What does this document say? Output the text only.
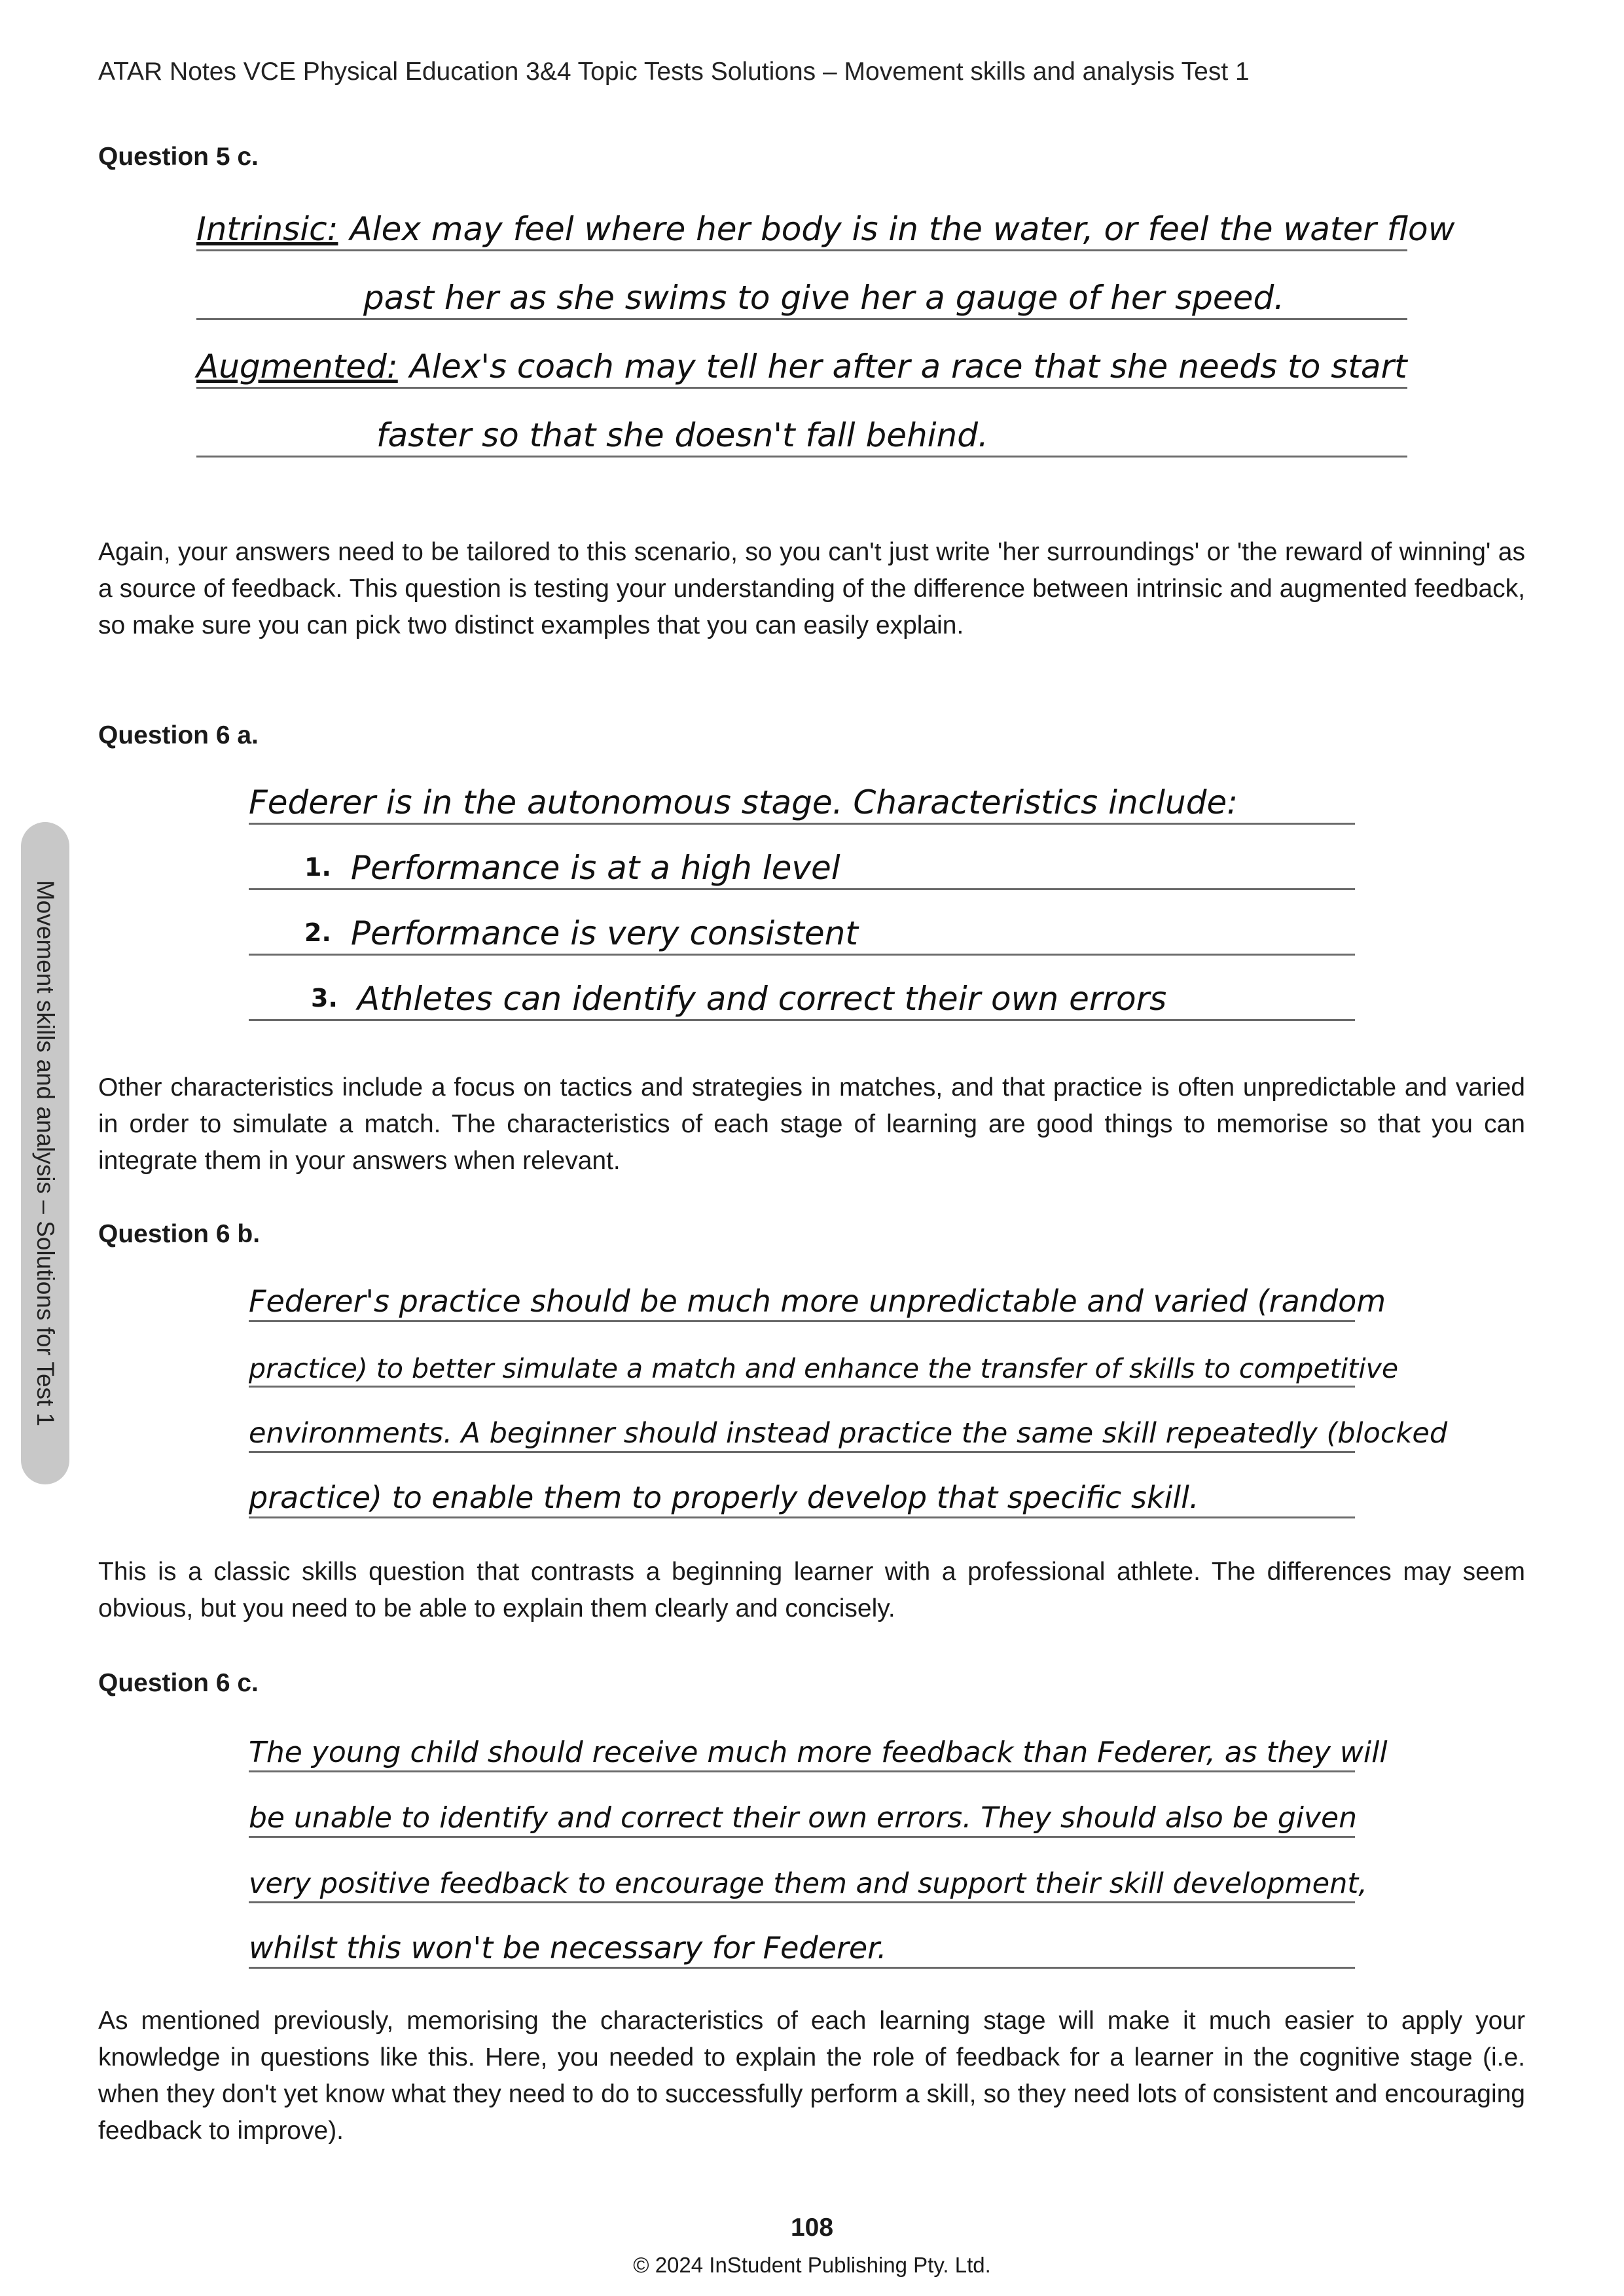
ATAR Notes VCE Physical Education 3&4 Topic Tests Solutions – Movement skills and analysis Test 1
Movement skills and analysis – Solutions for Test 1
Question 5 c.
Intrinsic: Alex may feel where her body is in the water, or feel the water flow
past her as she swims to give her a gauge of her speed.
Augmented: Alex's coach may tell her after a race that she needs to start
faster so that she doesn't fall behind.
Again, your answers need to be tailored to this scenario, so you can't just write 'her surroundings' or 'the reward of winning' as a source of feedback. This question is testing your understanding of the difference between intrinsic and augmented feedback, so make sure you can pick two distinct examples that you can easily explain.
Question 6 a.
Federer is in the autonomous stage. Characteristics include:
1. Performance is at a high level
2. Performance is very consistent
3. Athletes can identify and correct their own errors
Other characteristics include a focus on tactics and strategies in matches, and that practice is often unpredictable and varied in order to simulate a match. The characteristics of each stage of learning are good things to memorise so that you can integrate them in your answers when relevant.
Question 6 b.
Federer's practice should be much more unpredictable and varied (random
practice) to better simulate a match and enhance the transfer of skills to competitive
environments. A beginner should instead practice the same skill repeatedly (blocked
practice) to enable them to properly develop that specific skill.
This is a classic skills question that contrasts a beginning learner with a professional athlete. The differences may seem obvious, but you need to be able to explain them clearly and concisely.
Question 6 c.
The young child should receive much more feedback than Federer, as they will
be unable to identify and correct their own errors. They should also be given
very positive feedback to encourage them and support their skill development,
whilst this won't be necessary for Federer.
As mentioned previously, memorising the characteristics of each learning stage will make it much easier to apply your knowledge in questions like this. Here, you needed to explain the role of feedback for a learner in the cognitive stage (i.e. when they don't yet know what they need to do to successfully perform a skill, so they need lots of consistent and encouraging feedback to improve).
108
© 2024 InStudent Publishing Pty. Ltd.
